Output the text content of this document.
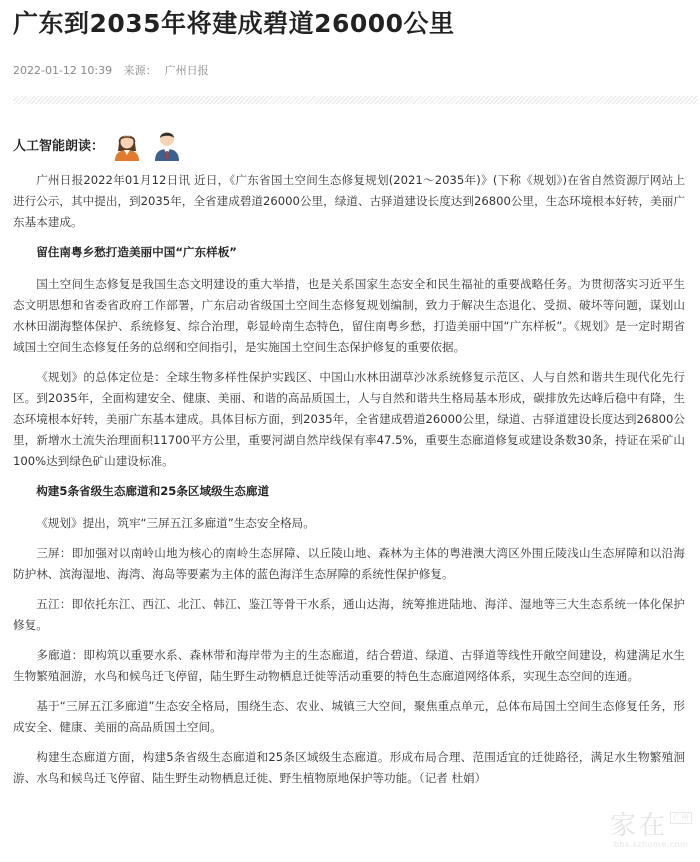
广东到2035年将建成碧道26000公里
2022-01-12 10:39 来源： 广州日报
人工智能朗读：

广州日报2022年01月12日讯 近日，《广东省国土空间生态修复规划(2021～2035年)》(下称《规划》)在省自然资源厅网站上进行公示，其中提出，到2035年，全省建成碧道26000公里，绿道、古驿道建设长度达到26800公里，生态环境根本好转，美丽广东基本建成。

留住南粤乡愁打造美丽中国“广东样板”

国土空间生态修复是我国生态文明建设的重大举措，也是关系国家生态安全和民生福祉的重要战略任务。为贯彻落实习近平生态文明思想和省委省政府工作部署，广东启动省级国土空间生态修复规划编制，致力于解决生态退化、受损、破坏等问题，谋划山水林田湖海整体保护、系统修复、综合治理，彰显岭南生态特色，留住南粤乡愁，打造美丽中国“广东样板”。《规划》是一定时期省域国土空间生态修复任务的总纲和空间指引，是实施国土空间生态保护修复的重要依据。

《规划》的总体定位是：全球生物多样性保护实践区、中国山水林田湖草沙冰系统修复示范区、人与自然和谐共生现代化先行区。到2035年，全面构建安全、健康、美丽、和谐的高品质国土，人与自然和谐共生格局基本形成，碳排放先达峰后稳中有降，生态环境根本好转，美丽广东基本建成。具体目标方面，到2035年，全省建成碧道26000公里，绿道、古驿道建设长度达到26800公里，新增水土流失治理面积11700平方公里，重要河湖自然岸线保有率47.5%，重要生态廊道修复或建设条数30条，持证在采矿山100%达到绿色矿山建设标准。

构建5条省级生态廊道和25条区域级生态廊道

《规划》提出，筑牢“三屏五江多廊道”生态安全格局。

三屏：即加强对以南岭山地为核心的南岭生态屏障、以丘陵山地、森林为主体的粤港澳大湾区外围丘陵浅山生态屏障和以沿海防护林、滨海湿地、海湾、海岛等要素为主体的蓝色海洋生态屏障的系统性保护修复。

五江：即依托东江、西江、北江、韩江、鉴江等骨干水系，通山达海，统筹推进陆地、海洋、湿地等三大生态系统一体化保护修复。

多廊道：即构筑以重要水系、森林带和海岸带为主的生态廊道，结合碧道、绿道、古驿道等线性开敞空间建设，构建满足水生生物繁殖洄游，水鸟和候鸟迁飞停留，陆生野生动物栖息迁徙等活动重要的特色生态廊道网络体系，实现生态空间的连通。

基于“三屏五江多廊道”生态安全格局，围绕生态、农业、城镇三大空间，聚焦重点单元，总体布局国土空间生态修复任务，形成安全、健康、美丽的高品质国土空间。

构建生态廊道方面，构建5条省级生态廊道和25条区域级生态廊道。形成布局合理、范围适宜的迁徙路径，满足水生物繁殖洄游、水鸟和候鸟迁飞停留、陆生野生动物栖息迁徙、野生植物原地保护等功能。（记者 杜娟）

家在 广州
bbs.szhome.com
